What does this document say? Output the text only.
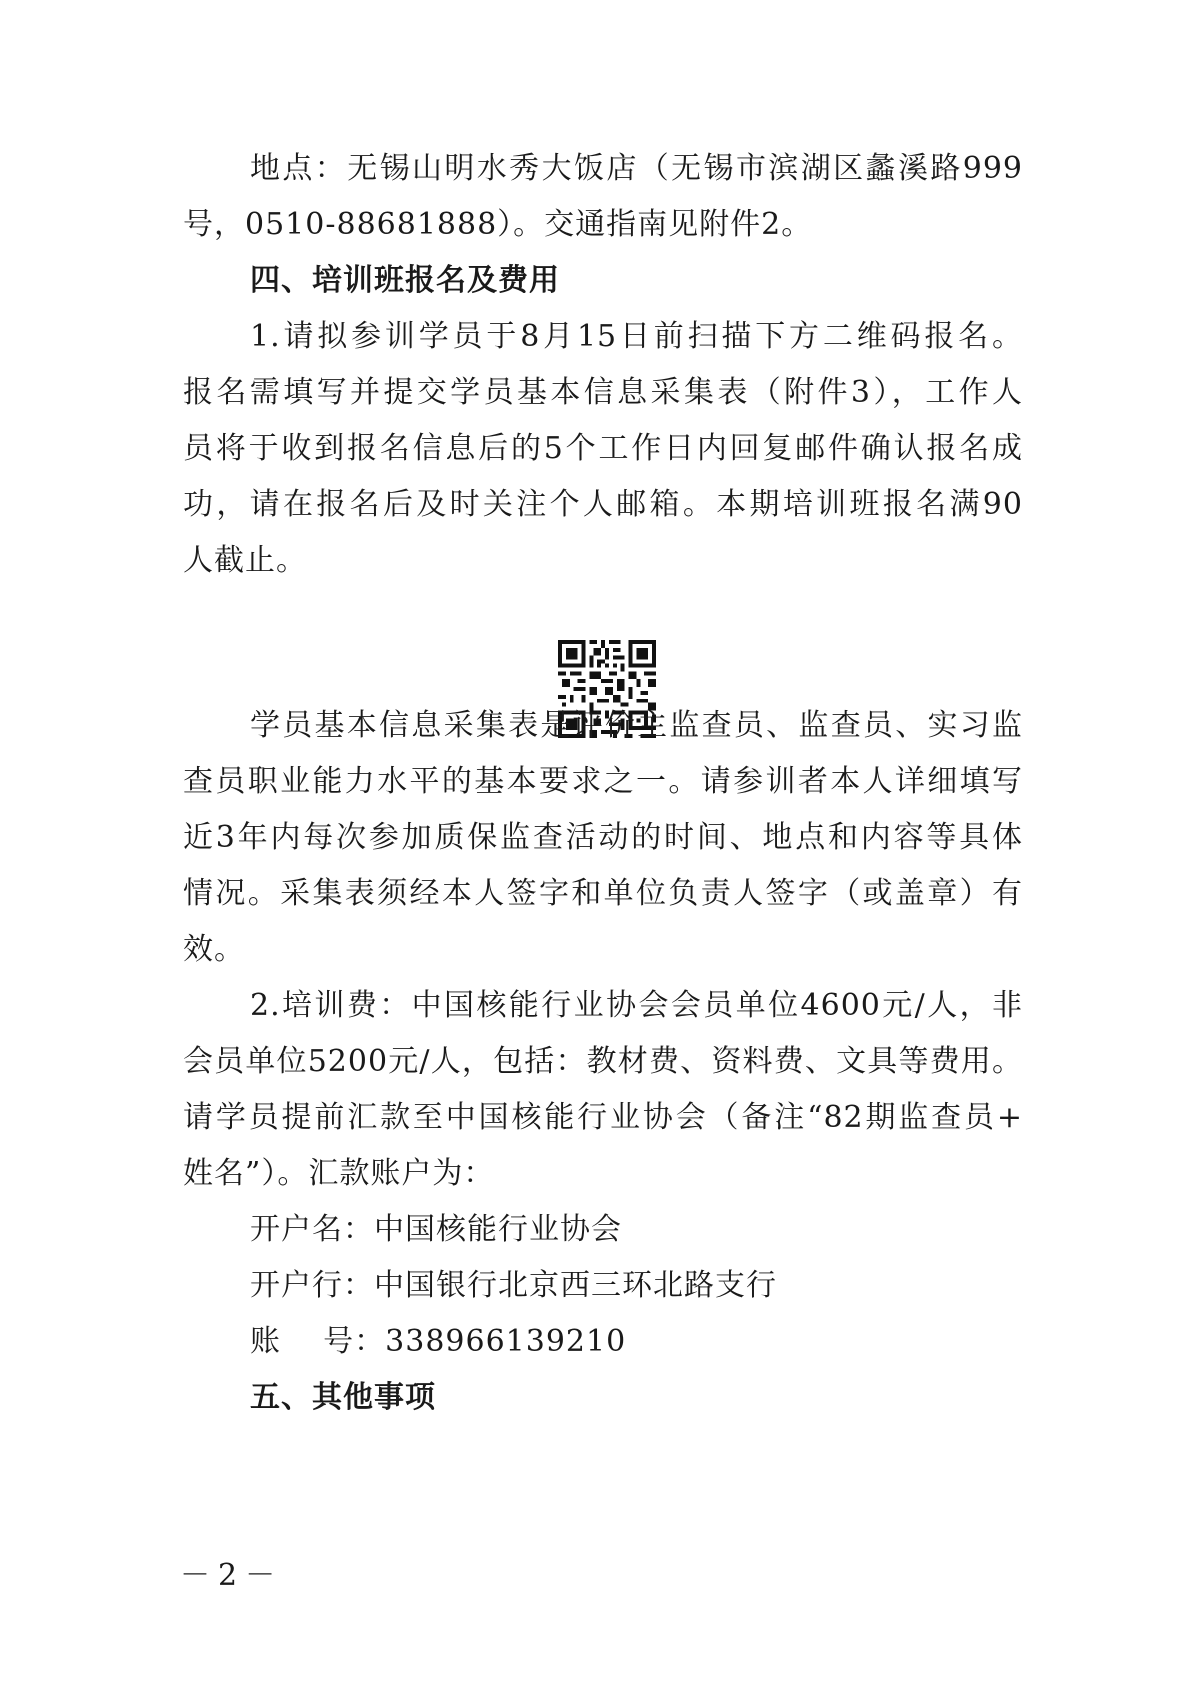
地点：无锡山明水秀大饭店（无锡市滨湖区蠡溪路999
号，0510-88681888）。交通指南见附件2。
四、培训班报名及费用
1.请拟参训学员于8月15日前扫描下方二维码报名。
报名需填写并提交学员基本信息采集表（附件3），工作人
员将于收到报名信息后的5个工作日内回复邮件确认报名成
功，请在报名后及时关注个人邮箱。本期培训班报名满90
人截止。
学员基本信息采集表是评价主监查员、监查员、实习监
查员职业能力水平的基本要求之一。请参训者本人详细填写
近3年内每次参加质保监查活动的时间、地点和内容等具体
情况。采集表须经本人签字和单位负责人签字（或盖章）有
效。
2.培训费：中国核能行业协会会员单位4600元/人，非
会员单位5200元/人，包括：教材费、资料费、文具等费用。
请学员提前汇款至中国核能行业协会（备注“82期监查员+
姓名”）。汇款账户为：
开户名：中国核能行业协会
开户行：中国银行北京西三环北路支行
账    号：338966139210
五、其他事项
－2－
